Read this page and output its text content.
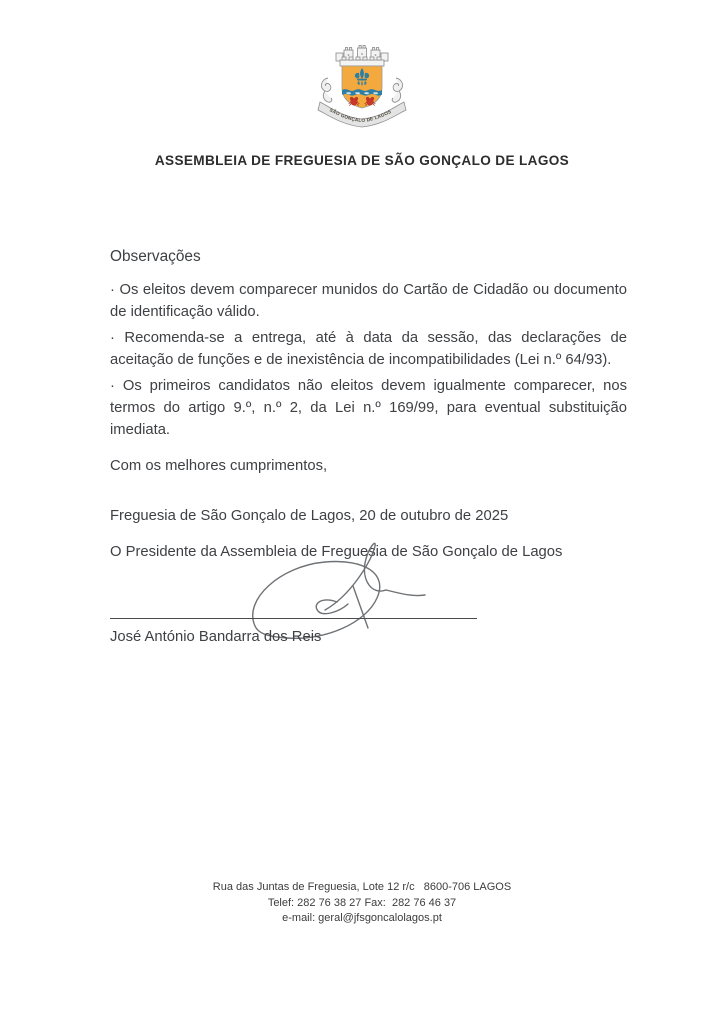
SÃO GONÇALO DE LAGOS
ASSEMBLEIA DE FREGUESIA DE SÃO GONÇALO DE LAGOS
Observações
· Os eleitos devem comparecer munidos do Cartão de Cidadão ou documento de identificação válido.
· Recomenda-se a entrega, até à data da sessão, das declarações de aceitação de funções e de inexistência de incompatibilidades (Lei n.º 64/93).
· Os primeiros candidatos não eleitos devem igualmente comparecer, nos termos do artigo 9.º, n.º 2, da Lei n.º 169/99, para eventual substituição imediata.
Com os melhores cumprimentos,
Freguesia de São Gonçalo de Lagos, 20 de outubro de 2025
O Presidente da Assembleia de Freguesia de São Gonçalo de Lagos
José António Bandarra dos Reis
Rua das Juntas de Freguesia, Lote 12 r/c   8600-706 LAGOS
Telef: 282 76 38 27 Fax:  282 76 46 37
e-mail: geral@jfsgoncalolagos.pt
